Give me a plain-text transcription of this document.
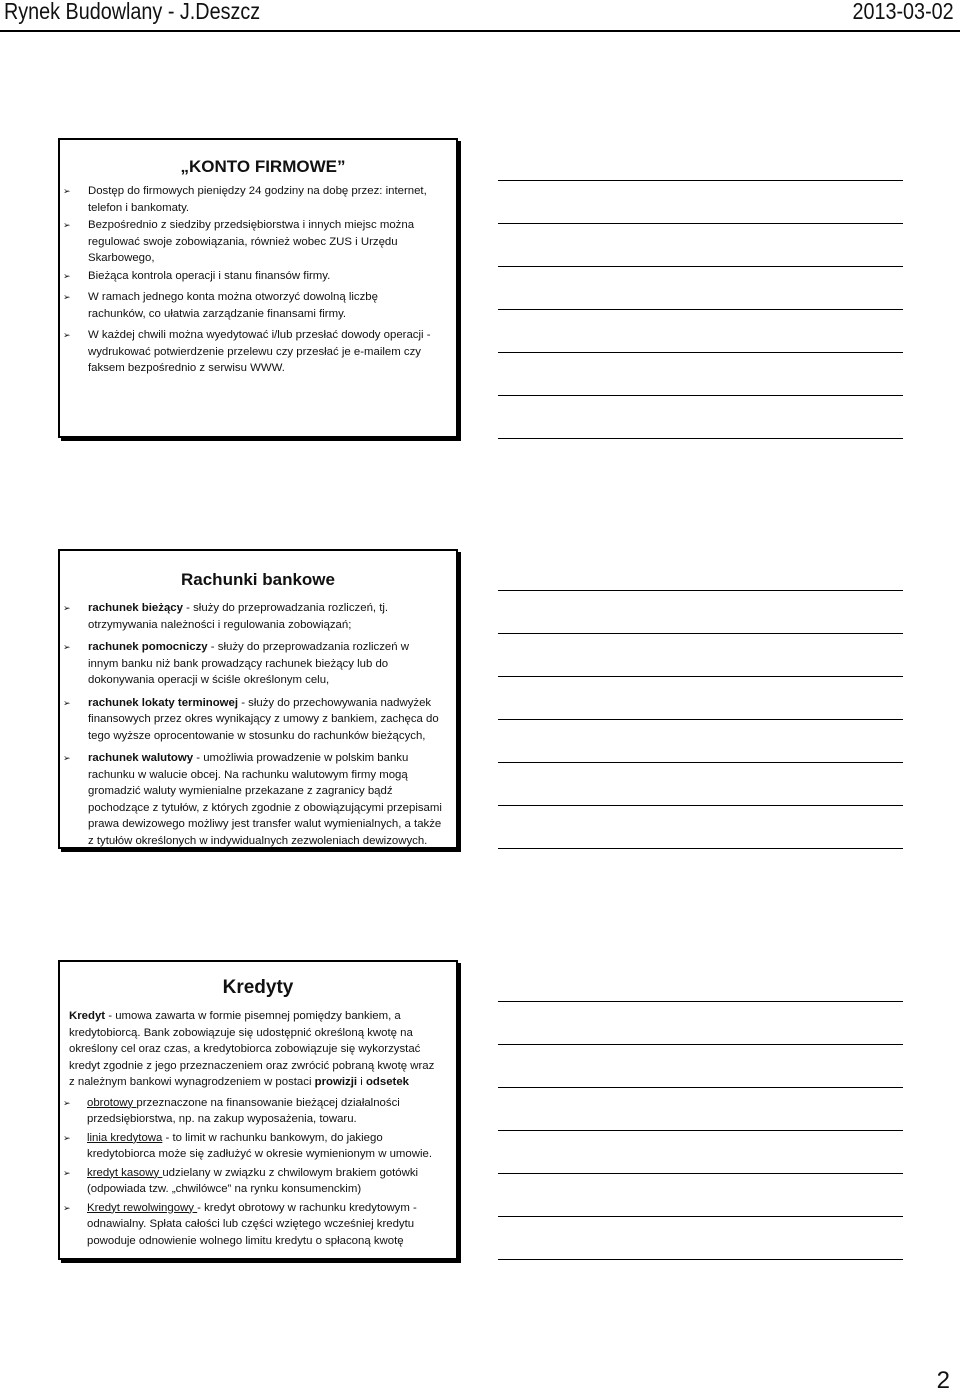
Rynek Budowlany - J.Deszcz	2013-03-02
„KONTO FIRMOWE”
➢ Dostęp do firmowych pieniędzy 24 godziny na dobę przez: internet, telefon i bankomaty.
➢ Bezpośrednio z siedziby przedsiębiorstwa i innych miejsc można regulować swoje zobowiązania, również wobec ZUS i Urzędu Skarbowego,
➢ Bieżąca kontrola operacji i stanu finansów firmy.
➢ W ramach jednego konta można otworzyć dowolną liczbę rachunków, co ułatwia zarządzanie finansami firmy.
➢ W każdej chwili można wyedytować i/lub przesłać dowody operacji - wydrukować potwierdzenie przelewu czy przesłać je e-mailem czy faksem bezpośrednio z serwisu WWW.
Rachunki bankowe
➢ rachunek bieżący - służy do przeprowadzania rozliczeń, tj. otrzymywania należności i regulowania zobowiązań;
➢ rachunek pomocniczy - służy do przeprowadzania rozliczeń w innym banku niż bank prowadzący rachunek bieżący lub do dokonywania operacji w ściśle określonym celu,
➢ rachunek lokaty terminowej - służy do przechowywania nadwyżek finansowych przez okres wynikający z umowy z bankiem, zachęca do tego wyższe oprocentowanie w stosunku do rachunków bieżących,
➢ rachunek walutowy - umożliwia prowadzenie w polskim banku rachunku w walucie obcej. Na rachunku walutowym firmy mogą gromadzić waluty wymienialne przekazane z zagranicy bądź pochodzące z tytułów, z których zgodnie z obowiązującymi przepisami prawa dewizowego możliwy jest transfer walut wymienialnych, a także z tytułów określonych w indywidualnych zezwoleniach dewizowych.
Kredyty
Kredyt - umowa zawarta w formie pisemnej pomiędzy bankiem, a kredytobiorcą. Bank zobowiązuje się udostępnić określoną kwotę na określony cel oraz czas, a kredytobiorca zobowiązuje się wykorzystać kredyt zgodnie z jego przeznaczeniem oraz zwrócić pobraną kwotę wraz z należnym bankowi wynagrodzeniem w postaci prowizji i odsetek
➢ obrotowy przeznaczone na finansowanie bieżącej działalności przedsiębiorstwa, np. na zakup wyposażenia, towaru.
➢ linia kredytowa - to limit w rachunku bankowym, do jakiego kredytobiorca może się zadłużyć w okresie wymienionym w umowie.
➢ kredyt kasowy udzielany w związku z chwilowym brakiem gotówki (odpowiada tzw. „chwilówce” na rynku konsumenckim)
➢ Kredyt rewolwingowy - kredyt obrotowy w rachunku kredytowym - odnawialny. Spłata całości lub części wziętego wcześniej kredytu powoduje odnowienie wolnego limitu kredytu o spłaconą kwotę
2
